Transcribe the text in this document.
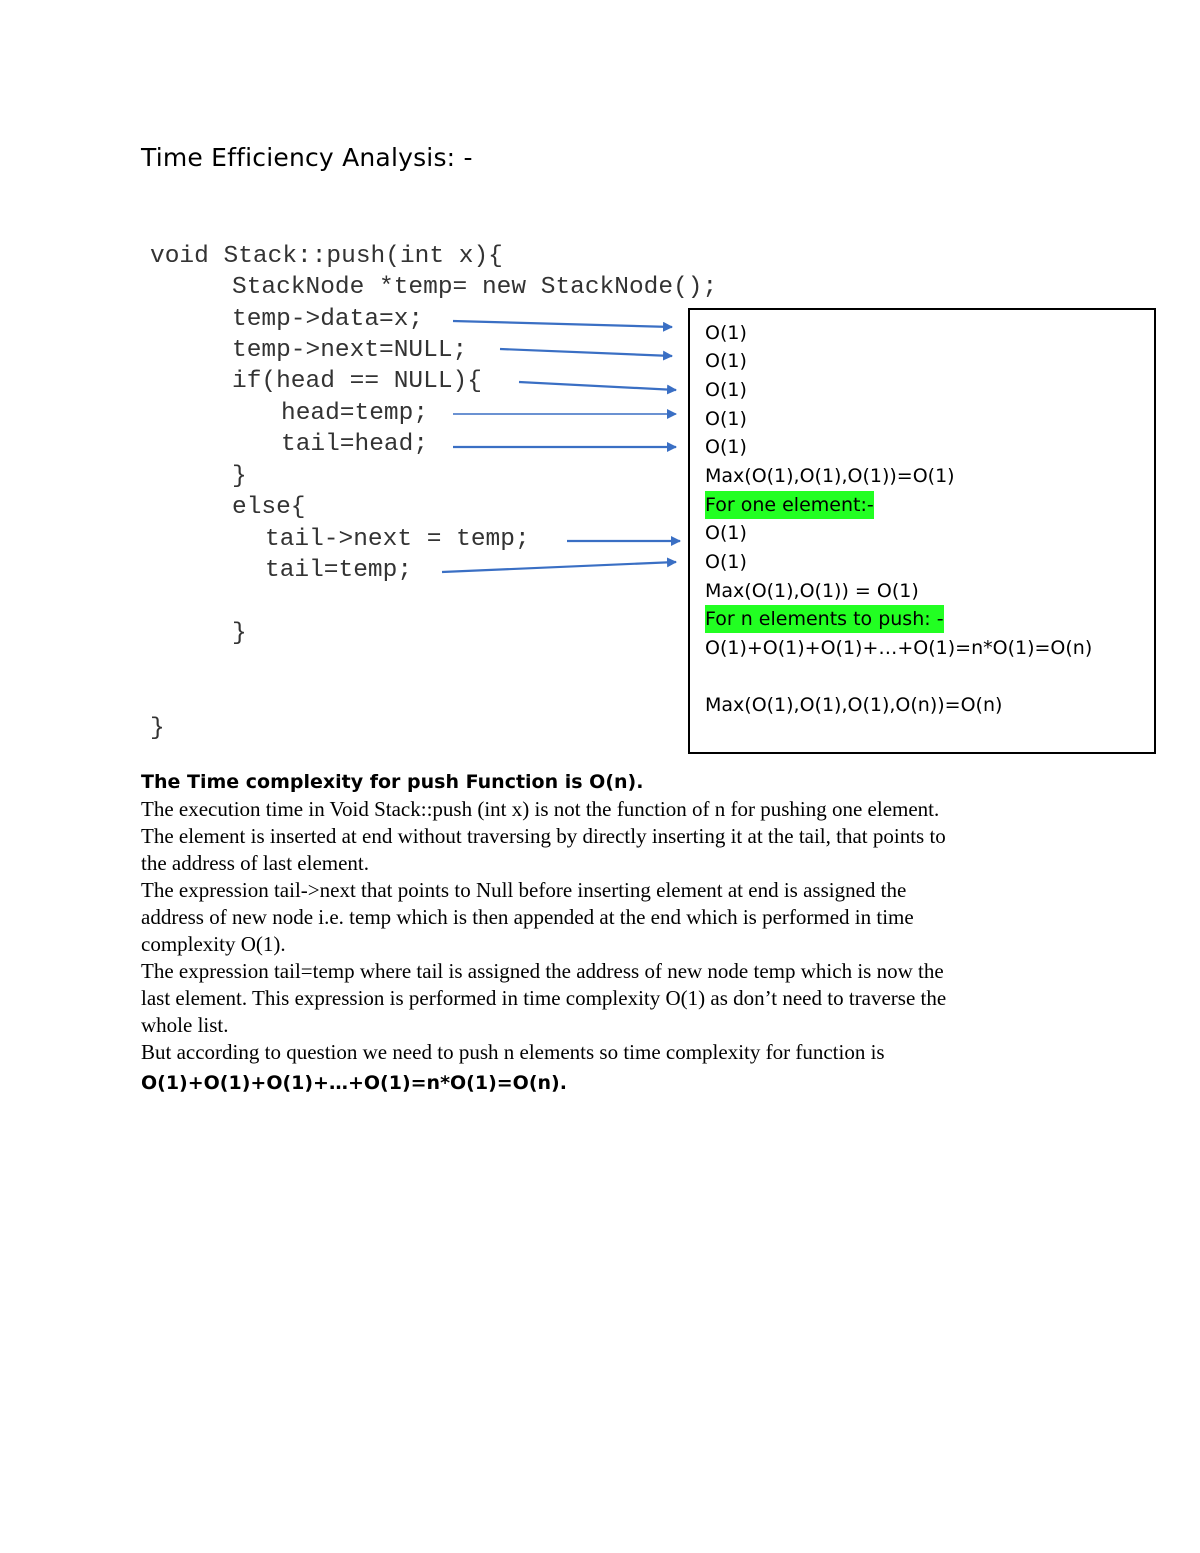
Time Efficiency Analysis: -
void Stack::push(int x){
StackNode *temp= new StackNode();
temp->data=x;
temp->next=NULL;
if(head == NULL){
head=temp;
tail=head;
}
else{
tail->next = temp;
tail=temp;
}
}
O(1)
O(1)
O(1)
O(1)
O(1)
Max(O(1),O(1),O(1))=O(1)
For one element:-
O(1)
O(1)
Max(O(1),O(1)) = O(1)
For n elements to push: -
O(1)+O(1)+O(1)+…+O(1)=n*O(1)=O(n)
Max(O(1),O(1),O(1),O(n))=O(n)
The Time complexity for push Function is O(n).
The execution time in Void Stack::push (int x) is not the function of n for pushing one element.
The element is inserted at end without traversing by directly inserting it at the tail, that points to
the address of last element.
The expression tail->next that points to Null before inserting element at end is assigned the
address of new node i.e. temp which is then appended at the end which is performed in time
complexity O(1).
The expression tail=temp where tail is assigned the address of new node temp which is now the
last element. This expression is performed in time complexity O(1) as don’t need to traverse the
whole list.
But according to question we need to push n elements so time complexity for function is
O(1)+O(1)+O(1)+…+O(1)=n*O(1)=O(n).
